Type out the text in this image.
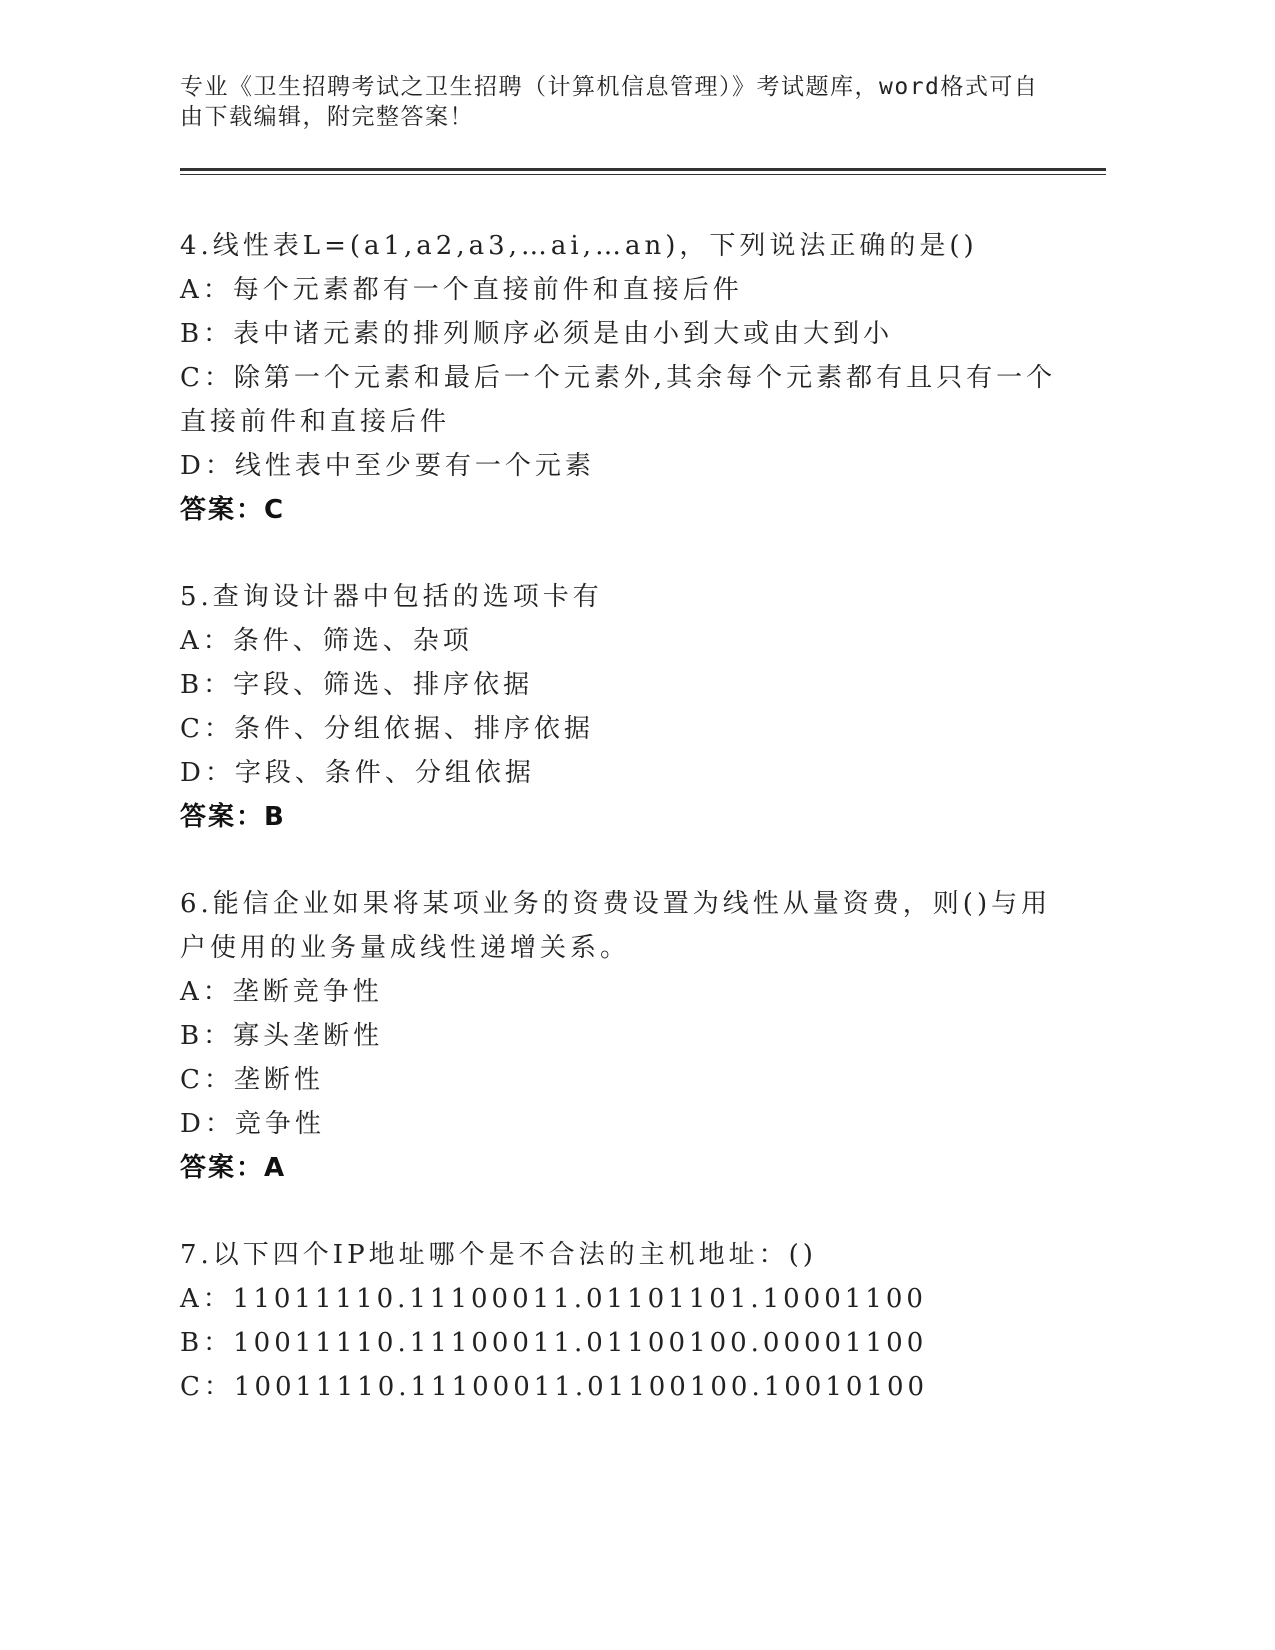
专业《卫生招聘考试之卫生招聘（计算机信息管理）》考试题库，word格式可自由下载编辑，附完整答案！
4.线性表L=(a1,a2,a3,…ai,…an)，下列说法正确的是()
A： 每个元素都有一个直接前件和直接后件
B： 表中诸元素的排列顺序必须是由小到大或由大到小
C：除第一个元素和最后一个元素外,其余每个元素都有且只有一个直接前件和直接后件
D： 线性表中至少要有一个元素
答案：C
5.查询设计器中包括的选项卡有
A： 条件、筛选、杂项
B： 字段、筛选、排序依据
C： 条件、分组依据、排序依据
D： 字段、条件、分组依据
答案：B
6.能信企业如果将某项业务的资费设置为线性从量资费，则()与用户使用的业务量成线性递增关系。
A： 垄断竞争性
B： 寡头垄断性
C： 垄断性
D： 竞争性
答案：A
7.以下四个IP地址哪个是不合法的主机地址：()
A： 11011110.11100011.01101101.10001100
B： 10011110.11100011.01100100.00001100
C： 10011110.11100011.01100100.10010100
